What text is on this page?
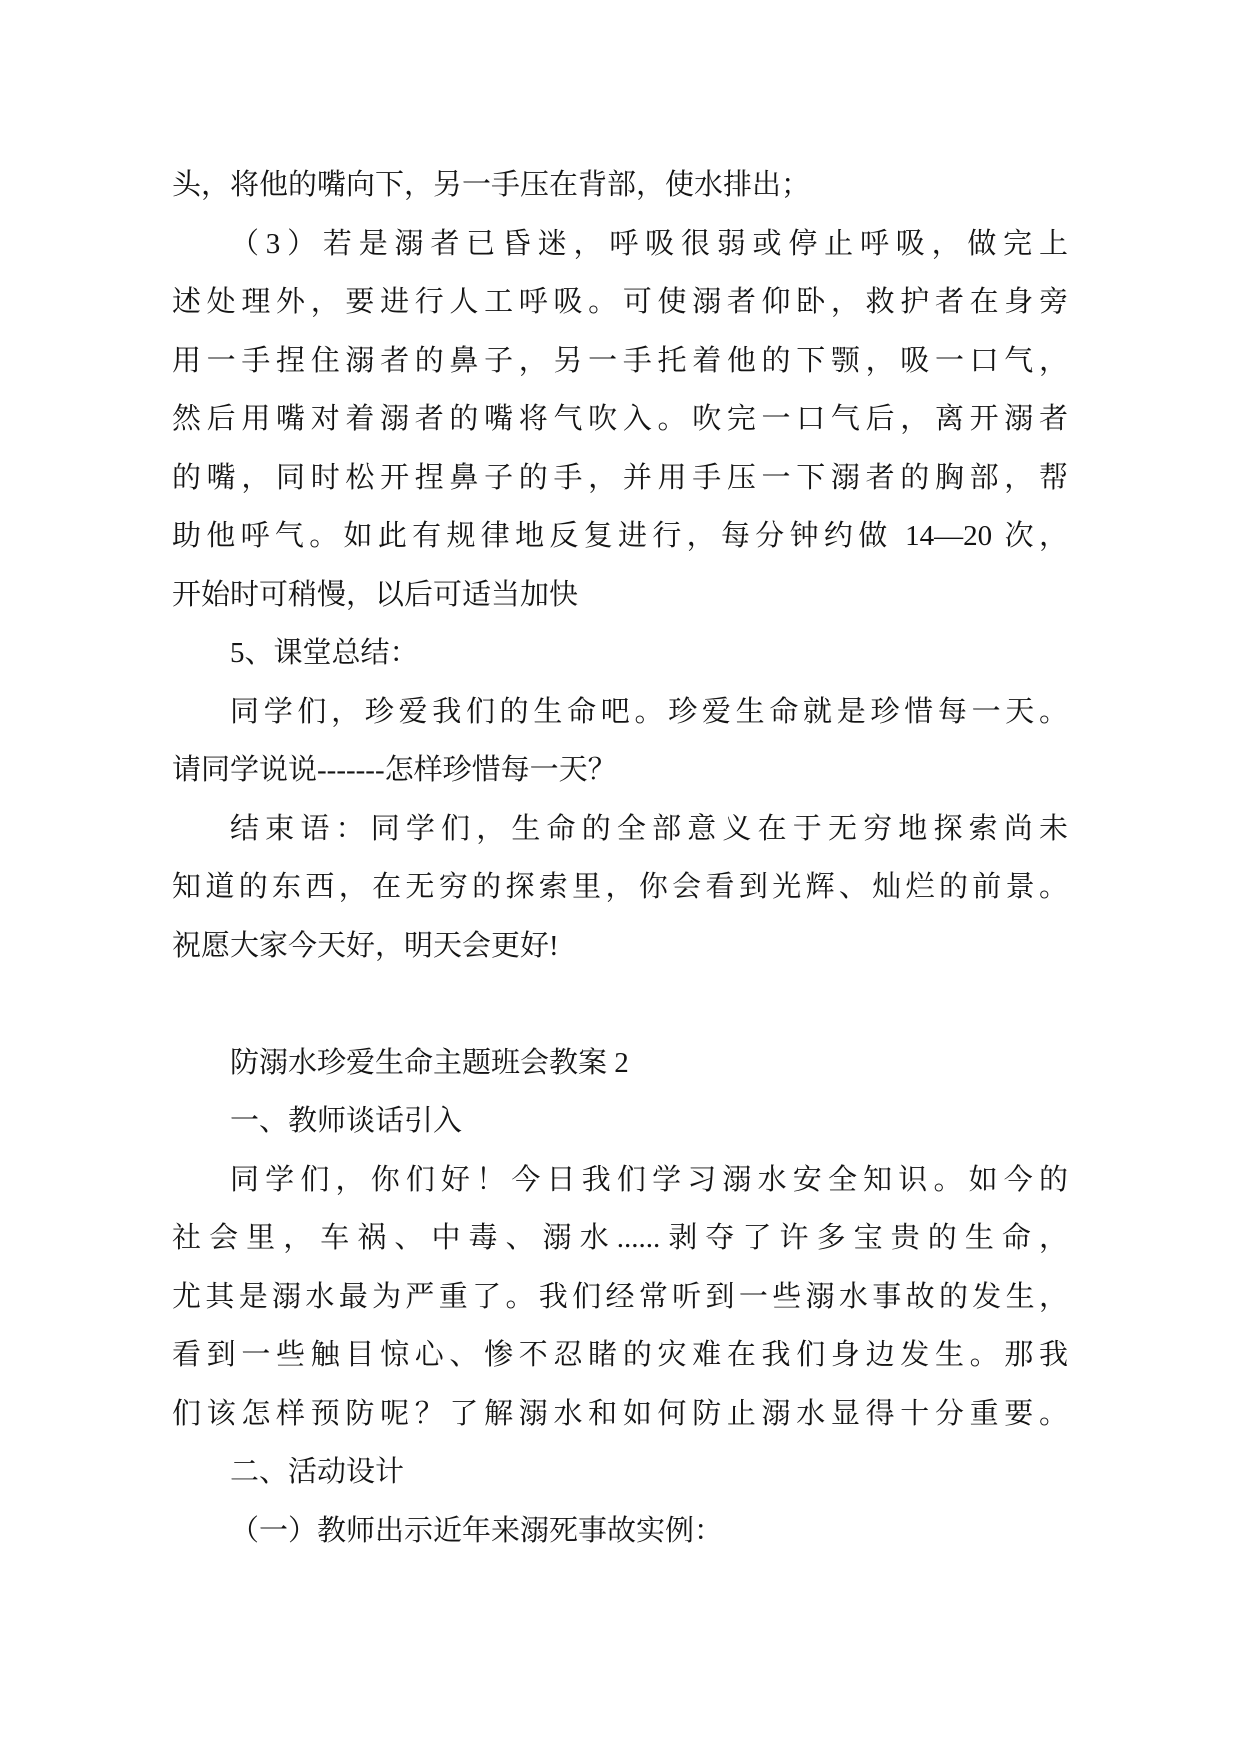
头，将他的嘴向下，另一手压在背部，使水排出；
（3）若是溺者已昏迷，呼吸很弱或停止呼吸，做完上
述处理外，要进行人工呼吸。可使溺者仰卧，救护者在身旁
用一手捏住溺者的鼻子，另一手托着他的下颚，吸一口气，
然后用嘴对着溺者的嘴将气吹入。吹完一口气后，离开溺者
的嘴，同时松开捏鼻子的手，并用手压一下溺者的胸部，帮
助他呼气。如此有规律地反复进行，每分钟约做 14—20 次，
开始时可稍慢，以后可适当加快
5、课堂总结：
同学们，珍爱我们的生命吧。珍爱生命就是珍惜每一天。
请同学说说-------怎样珍惜每一天？
结束语：同学们，生命的全部意义在于无穷地探索尚未
知道的东西，在无穷的探索里，你会看到光辉、灿烂的前景。
祝愿大家今天好，明天会更好!
防溺水珍爱生命主题班会教案 2
一、教师谈话引入
同学们，你们好！今日我们学习溺水安全知识。如今的
社会里，车祸、中毒、溺水......剥夺了许多宝贵的生命，
尤其是溺水最为严重了。我们经常听到一些溺水事故的发生，
看到一些触目惊心、惨不忍睹的灾难在我们身边发生。那我
们该怎样预防呢？了解溺水和如何防止溺水显得十分重要。
二、活动设计
（一）教师出示近年来溺死事故实例：
